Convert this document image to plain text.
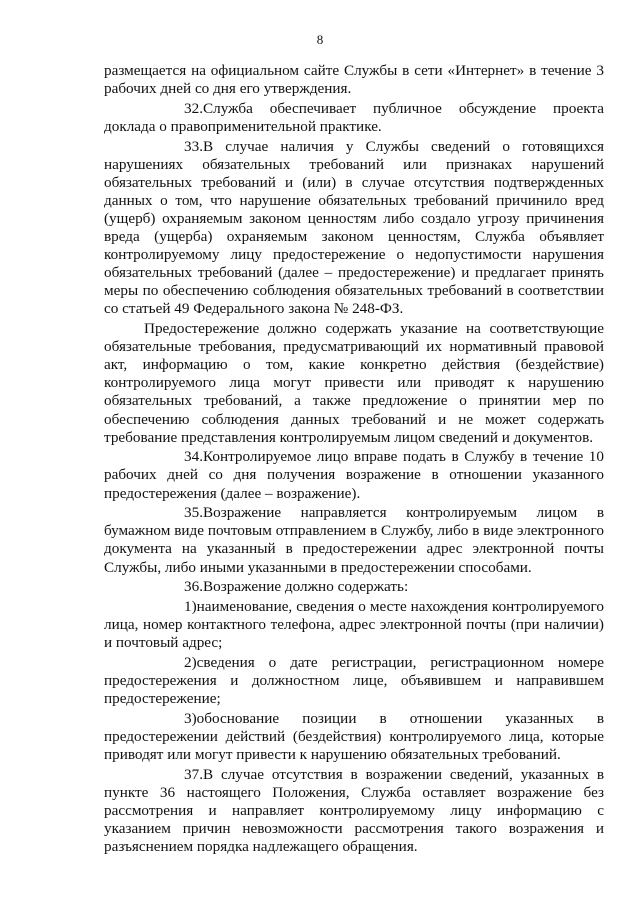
8

размещается на официальном сайте Службы в сети «Интернет» в течение 3 рабочих дней со дня его утверждения.

32.Служба обеспечивает публичное обсуждение проекта доклада о правоприменительной практике.

33.В случае наличия у Службы сведений о готовящихся нарушениях обязательных требований или признаках нарушений обязательных требований и (или) в случае отсутствия подтвержденных данных о том, что нарушение обязательных требований причинило вред (ущерб) охраняемым законом ценностям либо создало угрозу причинения вреда (ущерба) охраняемым законом ценностям, Служба объявляет контролируемому лицу предостережение о недопустимости нарушения обязательных требований (далее – предостережение) и предлагает принять меры по обеспечению соблюдения обязательных требований в соответствии со статьей 49 Федерального закона № 248-ФЗ.

Предостережение должно содержать указание на соответствующие обязательные требования, предусматривающий их нормативный правовой акт, информацию о том, какие конкретно действия (бездействие) контролируемого лица могут привести или приводят к нарушению обязательных требований, а также предложение о принятии мер по обеспечению соблюдения данных требований и не может содержать требование представления контролируемым лицом сведений и документов.

34.Контролируемое лицо вправе подать в Службу в течение 10 рабочих дней со дня получения возражение в отношении указанного предостережения (далее – возражение).

35.Возражение направляется контролируемым лицом в бумажном виде почтовым отправлением в Службу, либо в виде электронного документа на указанный в предостережении адрес электронной почты Службы, либо иными указанными в предостережении способами.

36.Возражение должно содержать:

1)наименование, сведения о месте нахождения контролируемого лица, номер контактного телефона, адрес электронной почты (при наличии) и почтовый адрес;

2)сведения о дате регистрации, регистрационном номере предостережения и должностном лице, объявившем и направившем предостережение;

3)обоснование позиции в отношении указанных в предостережении действий (бездействия) контролируемого лица, которые приводят или могут привести к нарушению обязательных требований.

37.В случае отсутствия в возражении сведений, указанных в пункте 36 настоящего Положения, Служба оставляет возражение без рассмотрения и направляет контролируемому лицу информацию с указанием причин невозможности рассмотрения такого возражения и разъяснением порядка надлежащего обращения.
